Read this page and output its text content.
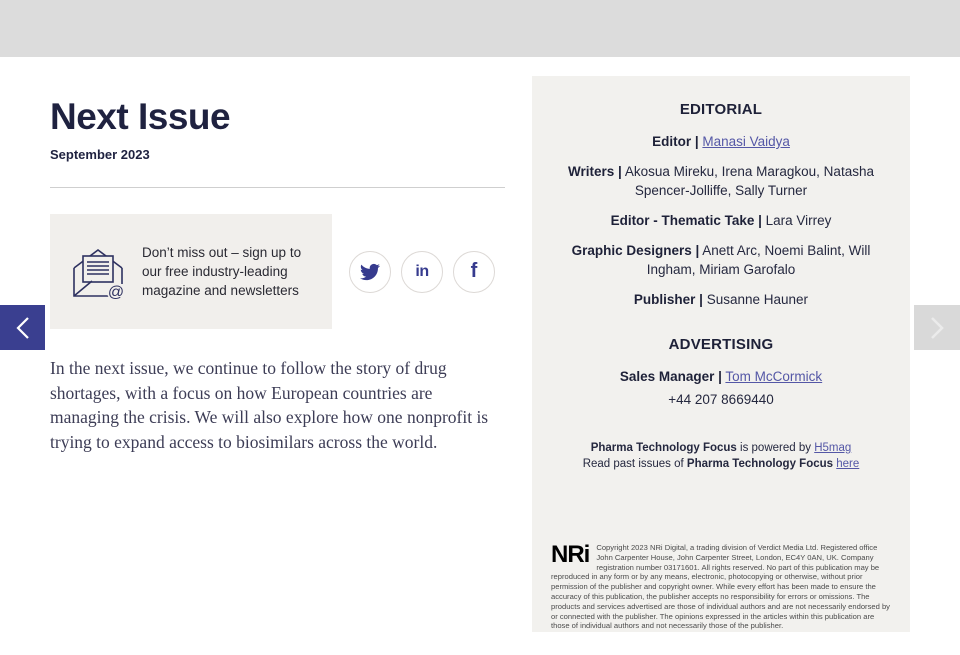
Next Issue
September 2023
@
Don’t miss out – sign up to our free industry-leading magazine and newsletters
in f

In the next issue, we continue to follow the story of drug shortages, with a focus on how European countries are managing the crisis. We will also explore how one nonprofit is trying to expand access to biosimilars across the world.

EDITORIAL

Editor | Manasi Vaidya

Writers | Akosua Mireku, Irena Maragkou, Natasha Spencer-Jolliffe, Sally Turner

Editor - Thematic Take | Lara Virrey

Graphic Designers | Anett Arc, Noemi Balint, Will Ingham, Miriam Garofalo

Publisher | Susanne Hauner

ADVERTISING

Sales Manager | Tom McCormick

+44 207 8669440

Pharma Technology Focus is powered by H5mag
Read past issues of Pharma Technology Focus here
NRi Copyright 2023 NRi Digital, a trading division of Verdict Media Ltd. Registered office John Carpenter House, John Carpenter Street, London, EC4Y 0AN, UK. Company registration number 03171601. All rights reserved. No part of this publication may be reproduced in any form or by any means, electronic, photocopying or otherwise, without prior permission of the publisher and copyright owner. While every effort has been made to ensure the accuracy of this publication, the publisher accepts no responsibility for errors or omissions. The products and services advertised are those of individual authors and are not necessarily endorsed by or connected with the publisher. The opinions expressed in the articles within this publication are those of individual authors and not necessarily those of the publisher.
